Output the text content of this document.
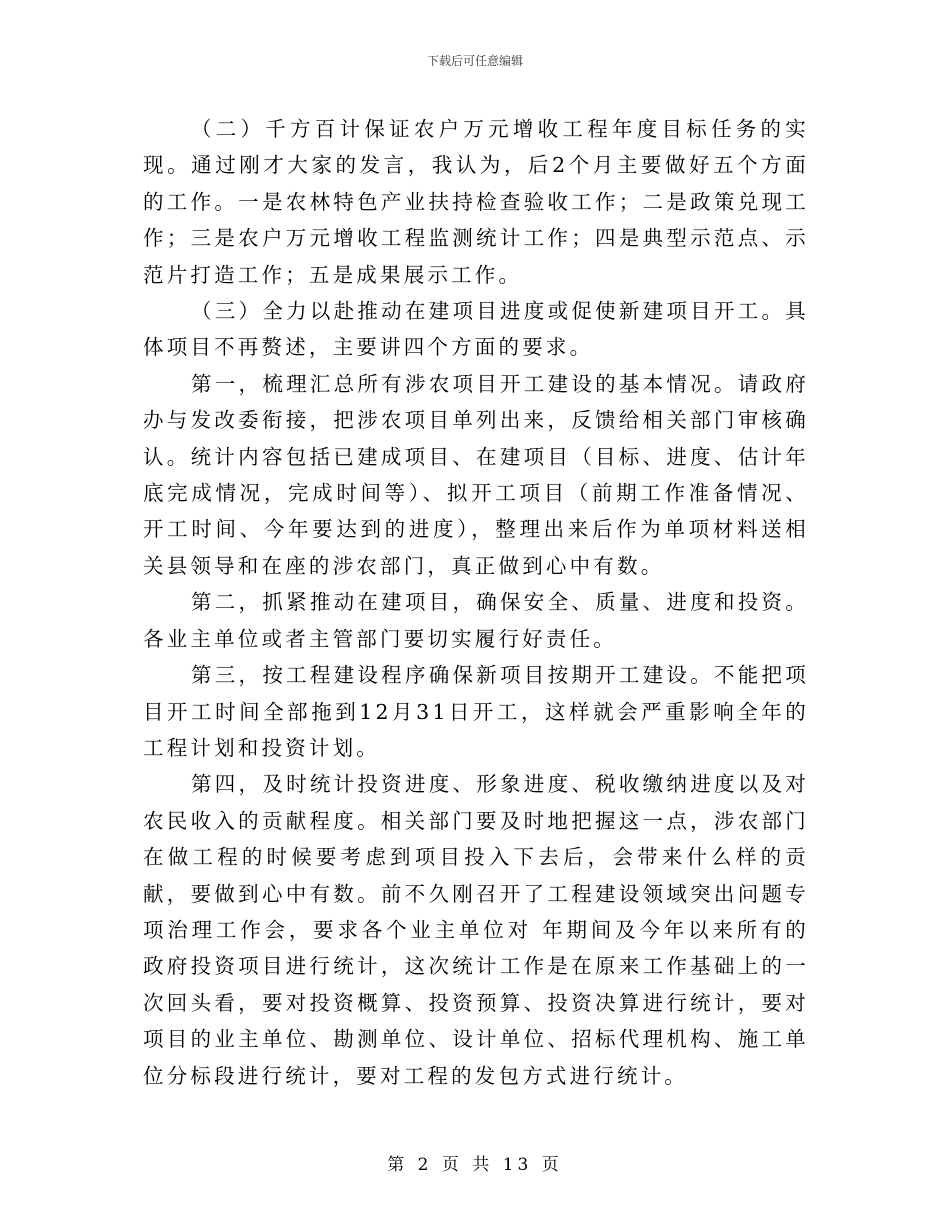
下载后可任意编辑

（二）千方百计保证农户万元增收工程年度目标任务的实现。通过刚才大家的发言，我认为，后2个月主要做好五个方面的工作。一是农林特色产业扶持检查验收工作；二是政策兑现工作；三是农户万元增收工程监测统计工作；四是典型示范点、示范片打造工作；五是成果展示工作。

（三）全力以赴推动在建项目进度或促使新建项目开工。具体项目不再赘述，主要讲四个方面的要求。

第一，梳理汇总所有涉农项目开工建设的基本情况。请政府办与发改委衔接，把涉农项目单列出来，反馈给相关部门审核确认。统计内容包括已建成项目、在建项目（目标、进度、估计年底完成情况，完成时间等）、拟开工项目（前期工作准备情况、开工时间、今年要达到的进度），整理出来后作为单项材料送相关县领导和在座的涉农部门，真正做到心中有数。

第二，抓紧推动在建项目，确保安全、质量、进度和投资。各业主单位或者主管部门要切实履行好责任。

第三，按工程建设程序确保新项目按期开工建设。不能把项目开工时间全部拖到12月31日开工，这样就会严重影响全年的工程计划和投资计划。

第四，及时统计投资进度、形象进度、税收缴纳进度以及对农民收入的贡献程度。相关部门要及时地把握这一点，涉农部门在做工程的时候要考虑到项目投入下去后，会带来什么样的贡献，要做到心中有数。前不久刚召开了工程建设领域突出问题专项治理工作会，要求各个业主单位对 年期间及今年以来所有的政府投资项目进行统计，这次统计工作是在原来工作基础上的一次回头看，要对投资概算、投资预算、投资决算进行统计，要对项目的业主单位、勘测单位、设计单位、招标代理机构、施工单位分标段进行统计，要对工程的发包方式进行统计。

第 2 页 共 13 页
